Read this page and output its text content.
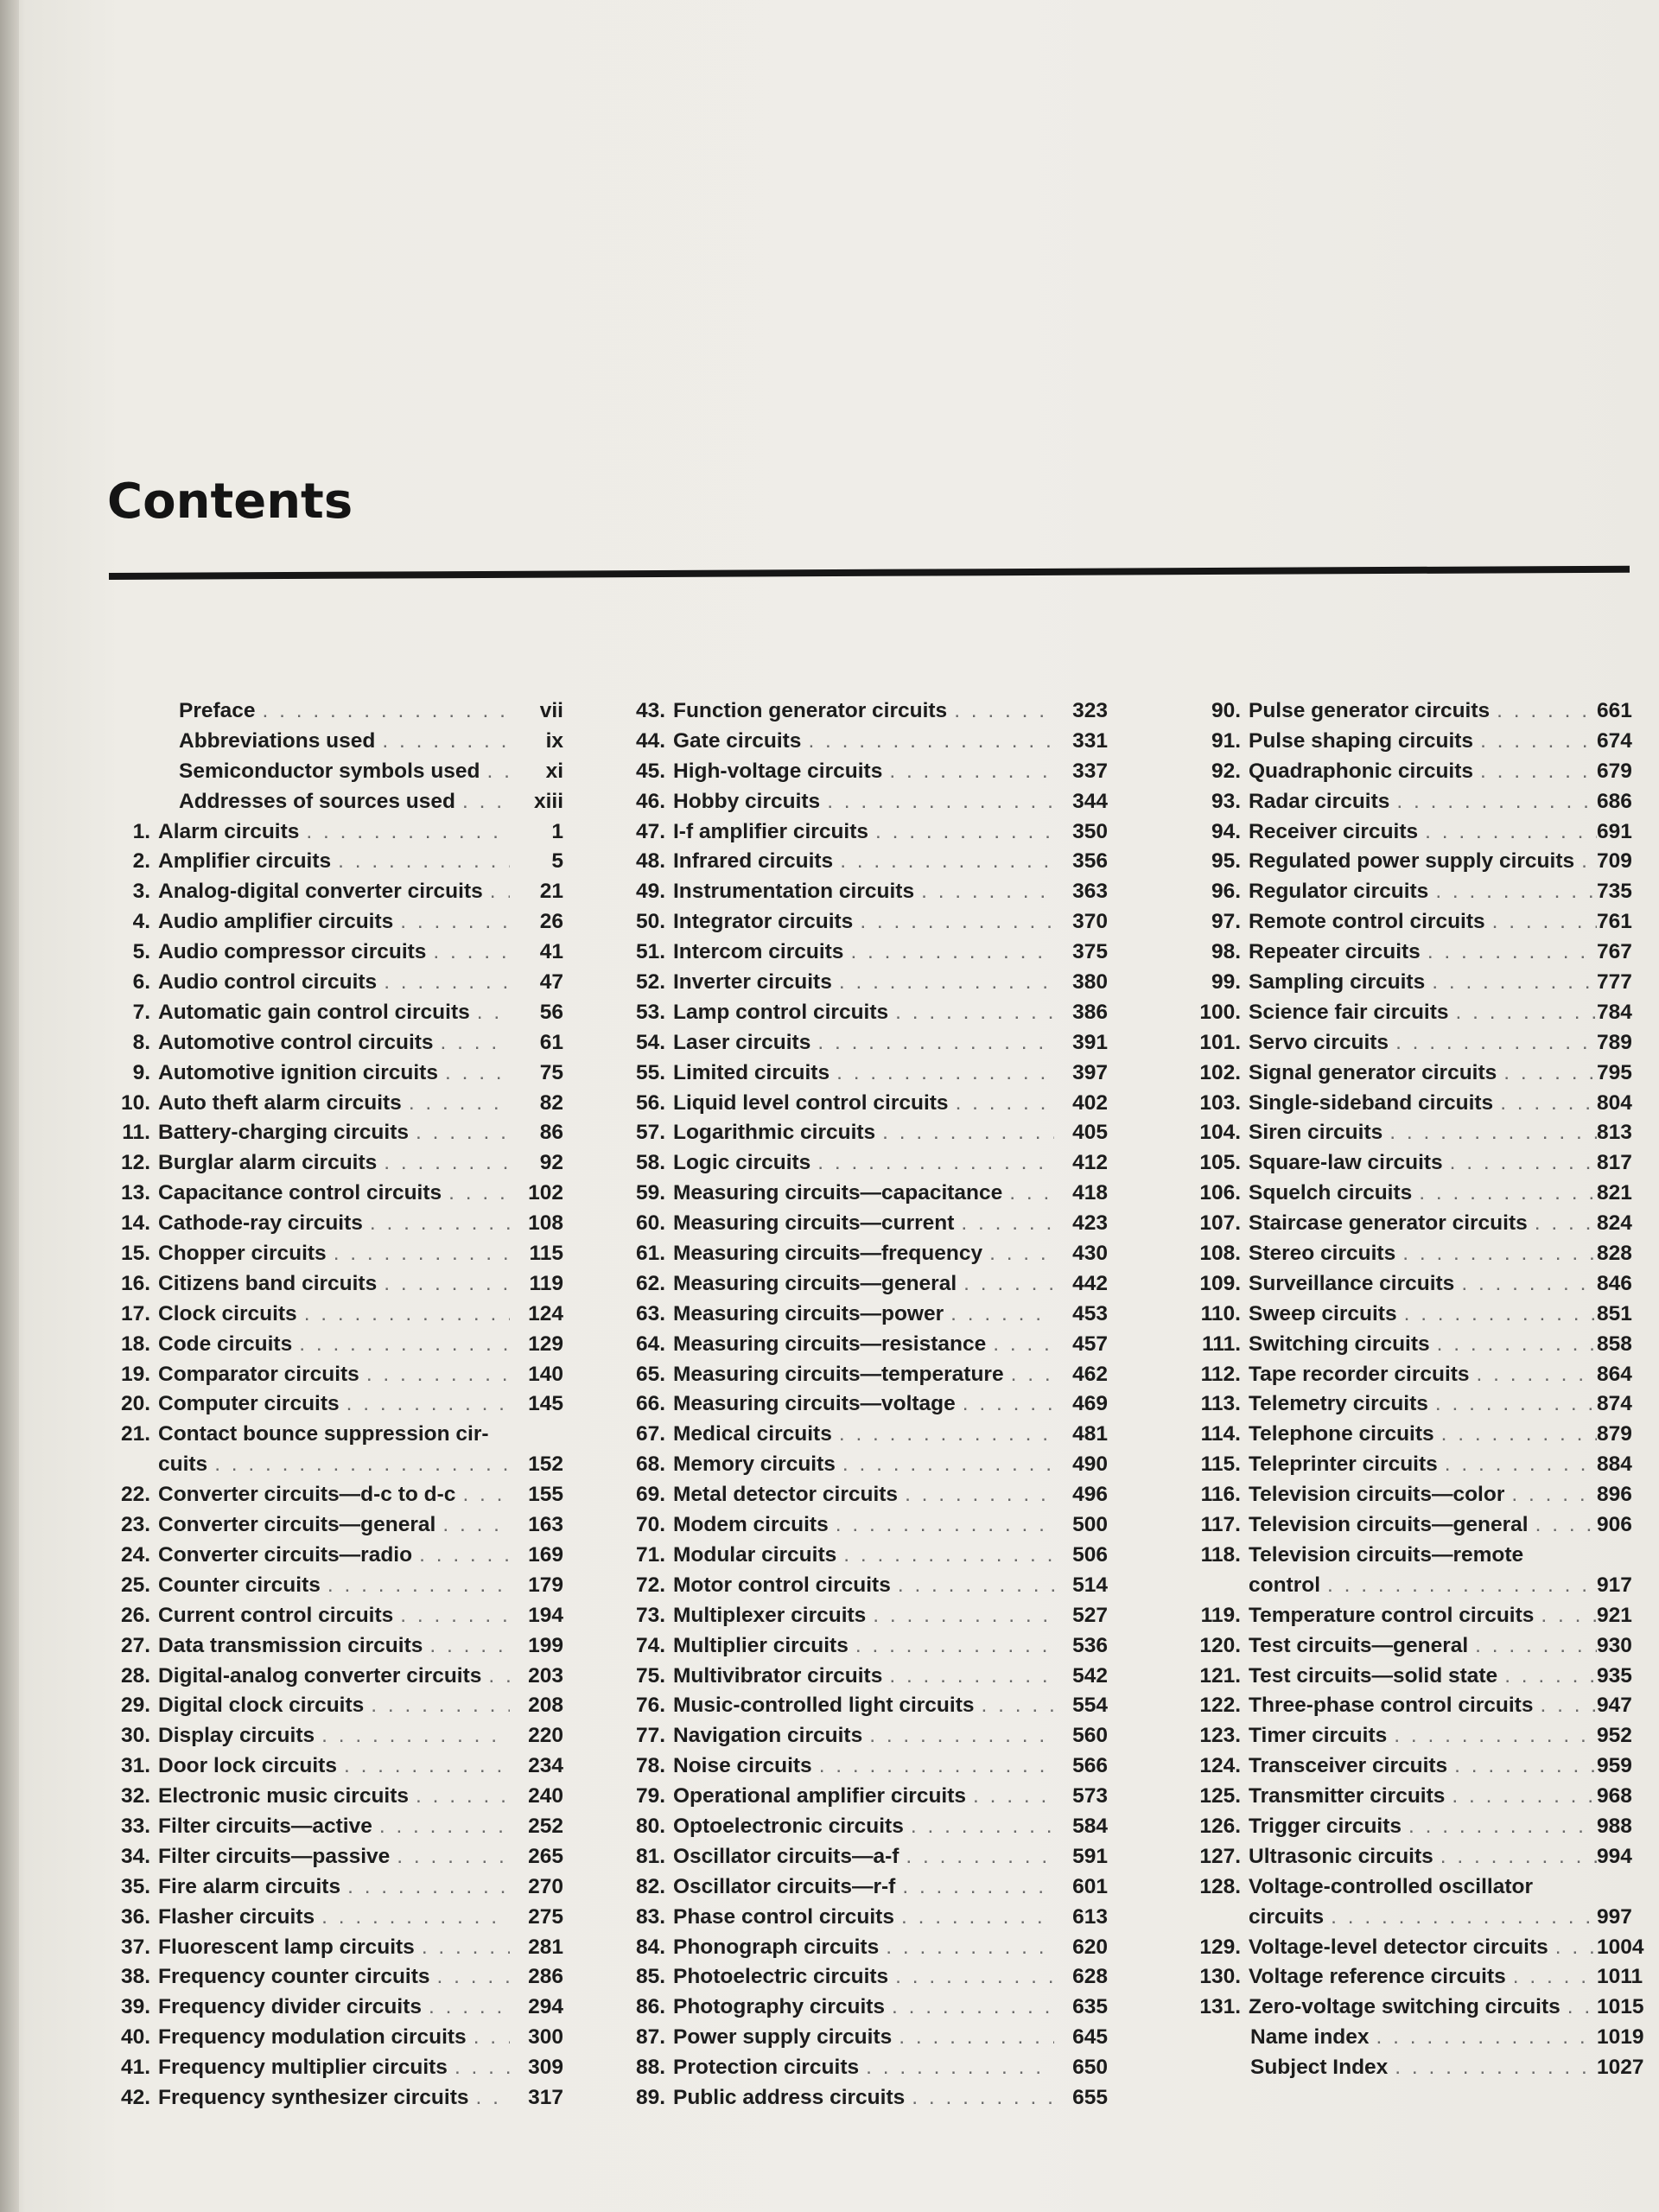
Contents
Preface . . .	vii
Abbreviations used . . .	ix
Semiconductor symbols used . . .	xi
Addresses of sources used . . .	xiii
1. Alarm circuits . . .	1
2. Amplifier circuits . . .	5
3. Analog-digital converter circuits . . .	21
4. Audio amplifier circuits . . .	26
5. Audio compressor circuits . . .	41
6. Audio control circuits . . .	47
7. Automatic gain control circuits . . .	56
8. Automotive control circuits . . .	61
9. Automotive ignition circuits . . .	75
10. Auto theft alarm circuits . . .	82
11. Battery-charging circuits . . .	86
12. Burglar alarm circuits . . .	92
13. Capacitance control circuits . . .	102
14. Cathode-ray circuits . . .	108
15. Chopper circuits . . .	115
16. Citizens band circuits . . .	119
17. Clock circuits . . .	124
18. Code circuits . . .	129
19. Comparator circuits . . .	140
20. Computer circuits . . .	145
21. Contact bounce suppression cir-
cuits . . .	152
22. Converter circuits—d-c to d-c . . .	155
23. Converter circuits—general . . .	163
24. Converter circuits—radio . . .	169
25. Counter circuits . . .	179
26. Current control circuits . . .	194
27. Data transmission circuits . . .	199
28. Digital-analog converter circuits . . .	203
29. Digital clock circuits . . .	208
30. Display circuits . . .	220
31. Door lock circuits . . .	234
32. Electronic music circuits . . .	240
33. Filter circuits—active . . .	252
34. Filter circuits—passive . . .	265
35. Fire alarm circuits . . .	270
36. Flasher circuits . . .	275
37. Fluorescent lamp circuits . . .	281
38. Frequency counter circuits . . .	286
39. Frequency divider circuits . . .	294
40. Frequency modulation circuits . . .	300
41. Frequency multiplier circuits . . .	309
42. Frequency synthesizer circuits . . .	317
43. Function generator circuits . . .	323
44. Gate circuits . . .	331
45. High-voltage circuits . . .	337
46. Hobby circuits . . .	344
47. I-f amplifier circuits . . .	350
48. Infrared circuits . . .	356
49. Instrumentation circuits . . .	363
50. Integrator circuits . . .	370
51. Intercom circuits . . .	375
52. Inverter circuits . . .	380
53. Lamp control circuits . . .	386
54. Laser circuits . . .	391
55. Limited circuits . . .	397
56. Liquid level control circuits . . .	402
57. Logarithmic circuits . . .	405
58. Logic circuits . . .	412
59. Measuring circuits—capacitance . . .	418
60. Measuring circuits—current . . .	423
61. Measuring circuits—frequency . . .	430
62. Measuring circuits—general . . .	442
63. Measuring circuits—power . . .	453
64. Measuring circuits—resistance . . .	457
65. Measuring circuits—temperature . . .	462
66. Measuring circuits—voltage . . .	469
67. Medical circuits . . .	481
68. Memory circuits . . .	490
69. Metal detector circuits . . .	496
70. Modem circuits . . .	500
71. Modular circuits . . .	506
72. Motor control circuits . . .	514
73. Multiplexer circuits . . .	527
74. Multiplier circuits . . .	536
75. Multivibrator circuits . . .	542
76. Music-controlled light circuits . . .	554
77. Navigation circuits . . .	560
78. Noise circuits . . .	566
79. Operational amplifier circuits . . .	573
80. Optoelectronic circuits . . .	584
81. Oscillator circuits—a-f . . .	591
82. Oscillator circuits—r-f . . .	601
83. Phase control circuits . . .	613
84. Phonograph circuits . . .	620
85. Photoelectric circuits . . .	628
86. Photography circuits . . .	635
87. Power supply circuits . . .	645
88. Protection circuits . . .	650
89. Public address circuits . . .	655
90. Pulse generator circuits . . .	661
91. Pulse shaping circuits . . .	674
92. Quadraphonic circuits . . .	679
93. Radar circuits . . .	686
94. Receiver circuits . . .	691
95. Regulated power supply circuits . . . 709
96. Regulator circuits . . .	735
97. Remote control circuits . . .	761
98. Repeater circuits . . .	767
99. Sampling circuits . . .	777
100. Science fair circuits . . .	784
101. Servo circuits . . .	789
102. Signal generator circuits . . .	795
103. Single-sideband circuits . . .	804
104. Siren circuits . . .	813
105. Square-law circuits . . .	817
106. Squelch circuits . . .	821
107. Staircase generator circuits . . .	824
108. Stereo circuits . . .	828
109. Surveillance circuits . . .	846
110. Sweep circuits . . .	851
111. Switching circuits . . .	858
112. Tape recorder circuits . . .	864
113. Telemetry circuits . . .	874
114. Telephone circuits . . .	879
115. Teleprinter circuits . . .	884
116. Television circuits—color . . .	896
117. Television circuits—general . . .	906
118. Television circuits—remote
control . . .	917
119. Temperature control circuits . . .	921
120. Test circuits—general . . .	930
121. Test circuits—solid state . . .	935
122. Three-phase control circuits . . .	947
123. Timer circuits . . .	952
124. Transceiver circuits . . .	959
125. Transmitter circuits . . .	968
126. Trigger circuits . . .	988
127. Ultrasonic circuits . . .	994
128. Voltage-controlled oscillator
circuits . . .	997
129. Voltage-level detector circuits . . . 1004
130. Voltage reference circuits . . .	1011
131. Zero-voltage switching circuits . . . 1015
Name index . . .	1019
Subject Index . . .	1027
